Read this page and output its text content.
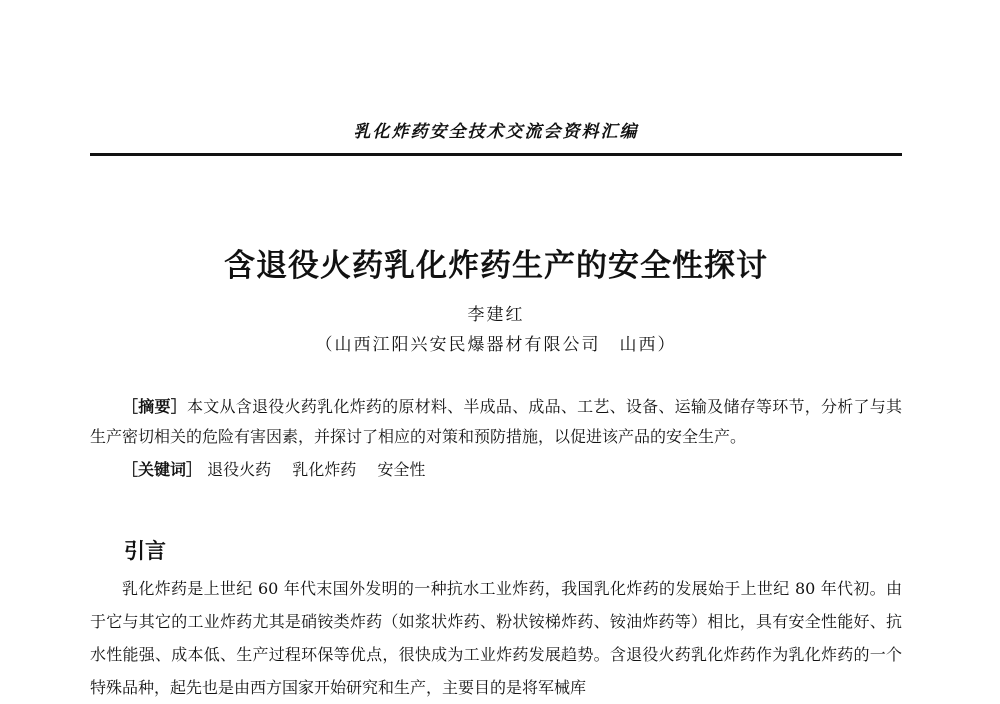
乳化炸药安全技术交流会资料汇编
含退役火药乳化炸药生产的安全性探讨
李建红
（山西江阳兴安民爆器材有限公司　山西）

［摘要］本文从含退役火药乳化炸药的原材料、半成品、成品、工艺、设备、运输及储存等环节，分析了与其生产密切相关的危险有害因素，并探讨了相应的对策和预防措施，以促进该产品的安全生产。

［关键词］ 退役火药 乳化炸药 安全性
引言

乳化炸药是上世纪 60 年代末国外发明的一种抗水工业炸药，我国乳化炸药的发展始于上世纪 80 年代初。由于它与其它的工业炸药尤其是硝铵类炸药（如浆状炸药、粉状铵梯炸药、铵油炸药等）相比，具有安全性能好、抗水性能强、成本低、生产过程环保等优点，很快成为工业炸药发展趋势。含退役火药乳化炸药作为乳化炸药的一个特殊品种，起先也是由西方国家开始研究和生产，主要目的是将军械库
